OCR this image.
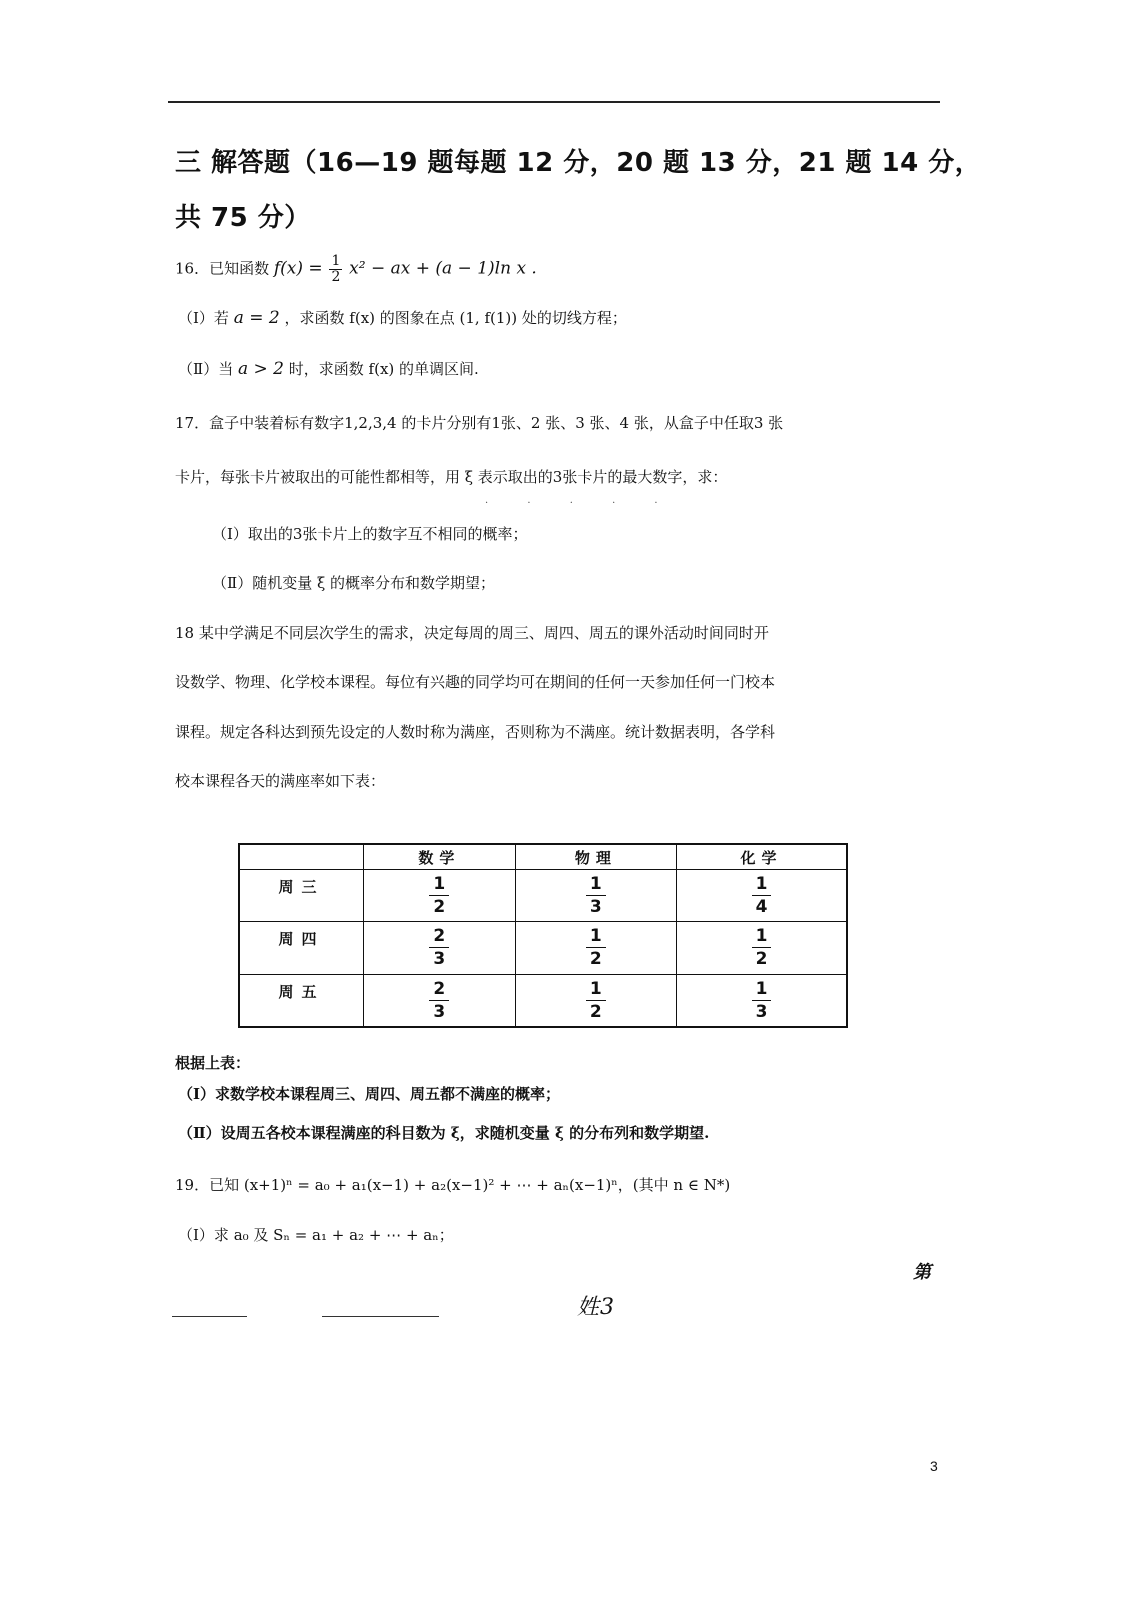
三 解答题（16—19 题每题 12 分，20 题 13 分，21 题 14 分，
共 75 分）
16．已知函数 $f(x) = \frac{1}{2} x^2$ − ax + (a − 1)ln x .
（Ⅰ）若 a = 2 ，求函数 f(x) 的图象在点 (1, f(1)) 处的切线方程；
（Ⅱ）当 a > 2 时，求函数 f(x) 的单调区间.
17．盒子中装着标有数字1,2,3,4 的卡片分别有1张、2 张、3 张、4 张，从盒子中任取3 张
卡片，每张卡片被取出的可能性都相等，用 ξ 表示取出的3张卡片的最大数字，求：
· · · · ·
（Ⅰ）取出的3张卡片上的数字互不相同的概率；
（Ⅱ）随机变量 ξ 的概率分布和数学期望；
18 某中学满足不同层次学生的需求，决定每周的周三、周四、周五的课外活动时间同时开
设数学、物理、化学校本课程。每位有兴趣的同学均可在期间的任何一天参加任何一门校本
课程。规定各科达到预先设定的人数时称为满座，否则称为不满座。统计数据表明，各学科
校本课程各天的满座率如下表：
	数学	物理	化学
周三	$\frac{1}{2}$	$\frac{1}{3}$	$\frac{1}{4}$

周四	$\frac{2}{3}$	$\frac{1}{2}$	$\frac{1}{2}$

周五	$\frac{2}{3}$	$\frac{1}{2}$	$\frac{1}{3}$
根据上表：
（Ⅰ）求数学校本课程周三、周四、周五都不满座的概率；
（Ⅱ）设周五各校本课程满座的科目数为 ξ，求随机变量 ξ 的分布列和数学期望.
19．已知 (x+1)ⁿ = a₀ + a₁(x−1) + a₂(x−1)² + ⋯ + aₙ(x−1)ⁿ，(其中 n ∈ N*)
（Ⅰ）求 a₀ 及 Sₙ = a₁ + a₂ + ⋯ + aₙ；
第
姓3
3
